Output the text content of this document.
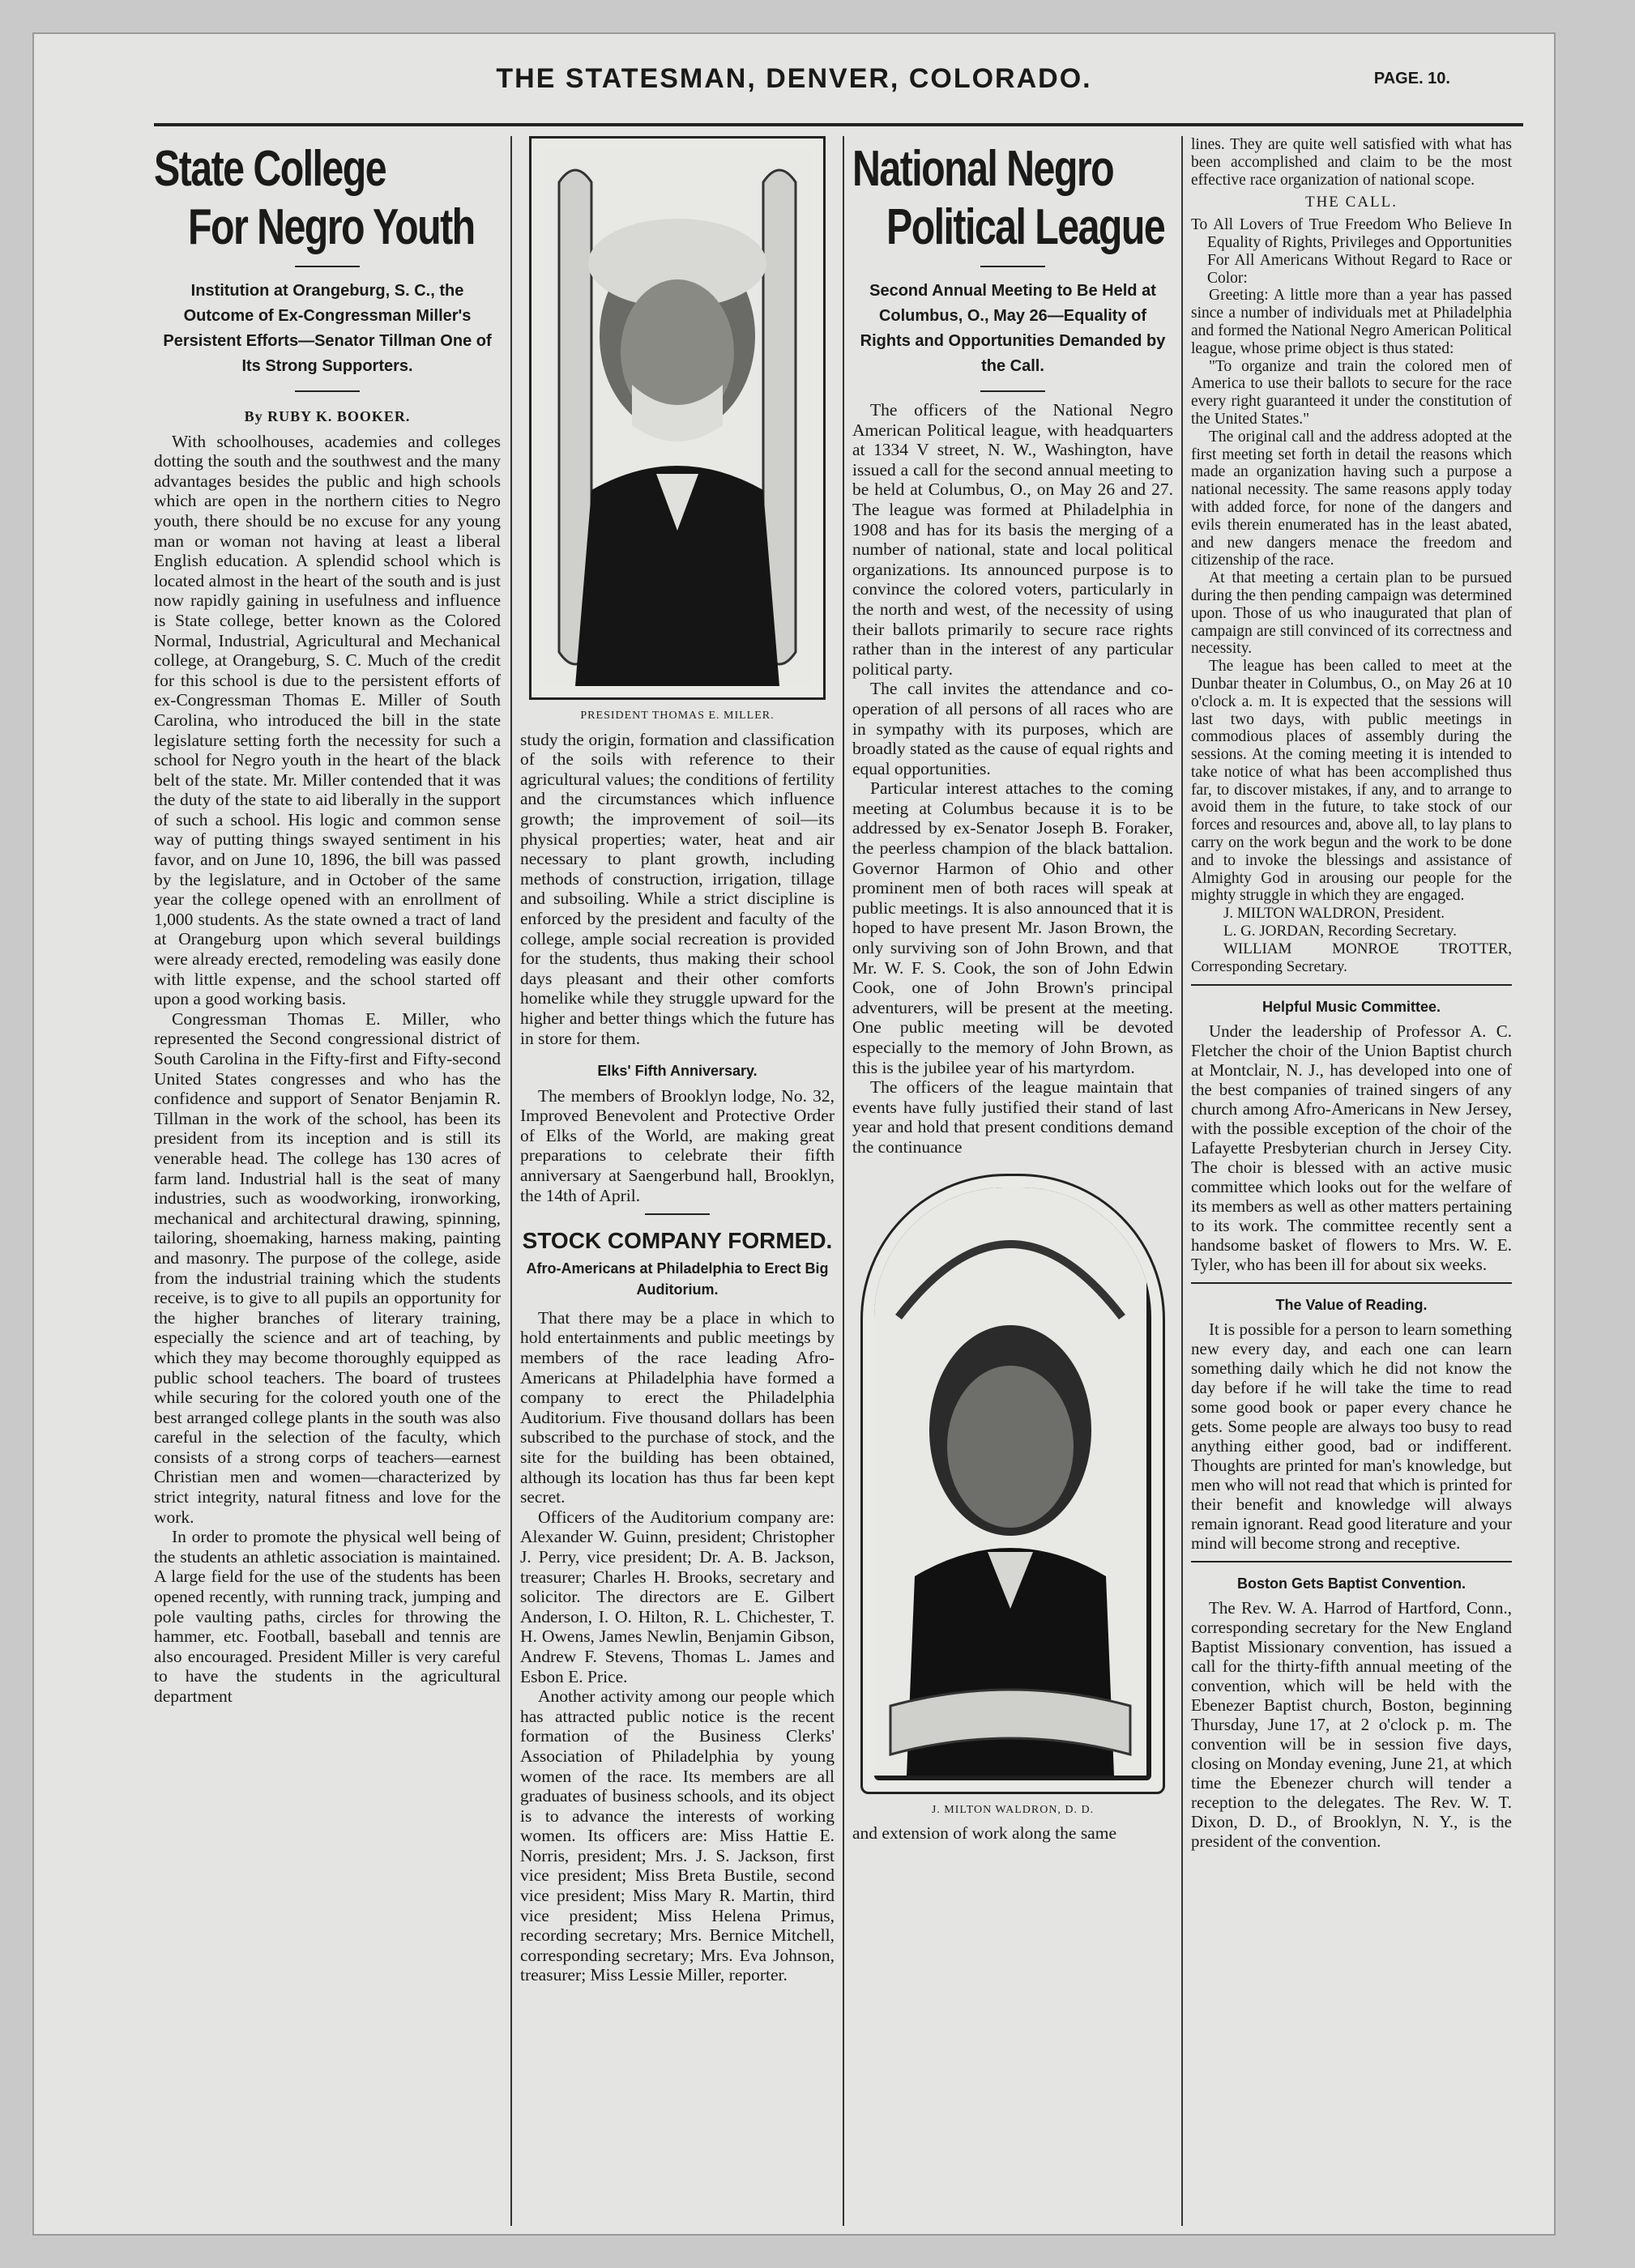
THE STATESMAN, DENVER, COLORADO.	PAGE. 10.
State College
For Negro Youth
Institution at Orangeburg, S. C., the Outcome of Ex-Congressman Miller's Persistent Efforts—Senator Tillman One of Its Strong Supporters.
By RUBY K. BOOKER.

With schoolhouses, academies and colleges dotting the south and the southwest and the many advantages besides the public and high schools which are open in the northern cities to Negro youth, there should be no excuse for any young man or woman not having at least a liberal English education. A splendid school which is located almost in the heart of the south and is just now rapidly gaining in usefulness and influence is State college, better known as the Colored Normal, Industrial, Agricultural and Mechanical college, at Orangeburg, S. C. Much of the credit for this school is due to the persistent efforts of ex-Congressman Thomas E. Miller of South Carolina, who introduced the bill in the state legislature setting forth the necessity for such a school for Negro youth in the heart of the black belt of the state. Mr. Miller contended that it was the duty of the state to aid liberally in the support of such a school. His logic and common sense way of putting things swayed sentiment in his favor, and on June 10, 1896, the bill was passed by the legislature, and in October of the same year the college opened with an enrollment of 1,000 students. As the state owned a tract of land at Orangeburg upon which several buildings were already erected, remodeling was easily done with little expense, and the school started off upon a good working basis.

Congressman Thomas E. Miller, who represented the Second congressional district of South Carolina in the Fifty-first and Fifty-second United States congresses and who has the confidence and support of Senator Benjamin R. Tillman in the work of the school, has been its president from its inception and is still its venerable head. The college has 130 acres of farm land. Industrial hall is the seat of many industries, such as woodworking, ironworking, mechanical and architectural drawing, spinning, tailoring, shoemaking, harness making, painting and masonry. The purpose of the college, aside from the industrial training which the students receive, is to give to all pupils an opportunity for the higher branches of literary training, especially the science and art of teaching, by which they may become thoroughly equipped as public school teachers. The board of trustees while securing for the colored youth one of the best arranged college plants in the south was also careful in the selection of the faculty, which consists of a strong corps of teachers—earnest Christian men and women—characterized by strict integrity, natural fitness and love for the work.

In order to promote the physical well being of the students an athletic association is maintained. A large field for the use of the students has been opened recently, with running track, jumping and pole vaulting paths, circles for throwing the hammer, etc. Football, baseball and tennis are also encouraged. President Miller is very careful to have the students in the agricultural department

PRESIDENT THOMAS E. MILLER.
study the origin, formation and classification of the soils with reference to their agricultural values; the conditions of fertility and the circumstances which influence growth; the improvement of soil—its physical properties; water, heat and air necessary to plant growth, including methods of construction, irrigation, tillage and subsoiling. While a strict discipline is enforced by the president and faculty of the college, ample social recreation is provided for the students, thus making their school days pleasant and their other comforts homelike while they struggle upward for the higher and better things which the future has in store for them.
Elks' Fifth Anniversary.

The members of Brooklyn lodge, No. 32, Improved Benevolent and Protective Order of Elks of the World, are making great preparations to celebrate their fifth anniversary at Saengerbund hall, Brooklyn, the 14th of April.

STOCK COMPANY FORMED.
Afro-Americans at Philadelphia to Erect Big Auditorium.

That there may be a place in which to hold entertainments and public meetings by members of the race leading Afro-Americans at Philadelphia have formed a company to erect the Philadelphia Auditorium. Five thousand dollars has been subscribed to the purchase of stock, and the site for the building has been obtained, although its location has thus far been kept secret.

Officers of the Auditorium company are: Alexander W. Guinn, president; Christopher J. Perry, vice president; Dr. A. B. Jackson, treasurer; Charles H. Brooks, secretary and solicitor. The directors are E. Gilbert Anderson, I. O. Hilton, R. L. Chichester, T. H. Owens, James Newlin, Benjamin Gibson, Andrew F. Stevens, Thomas L. James and Esbon E. Price.

Another activity among our people which has attracted public notice is the recent formation of the Business Clerks' Association of Philadelphia by young women of the race. Its members are all graduates of business schools, and its object is to advance the interests of working women. Its officers are: Miss Hattie E. Norris, president; Mrs. J. S. Jackson, first vice president; Miss Breta Bustile, second vice president; Miss Mary R. Martin, third vice president; Miss Helena Primus, recording secretary; Mrs. Bernice Mitchell, corresponding secretary; Mrs. Eva Johnson, treasurer; Miss Lessie Miller, reporter.

National Negro
Political League
Second Annual Meeting to Be Held at Columbus, O., May 26—Equality of Rights and Opportunities Demanded by the Call.

The officers of the National Negro American Political league, with headquarters at 1334 V street, N. W., Washington, have issued a call for the second annual meeting to be held at Columbus, O., on May 26 and 27. The league was formed at Philadelphia in 1908 and has for its basis the merging of a number of national, state and local political organizations. Its announced purpose is to convince the colored voters, particularly in the north and west, of the necessity of using their ballots primarily to secure race rights rather than in the interest of any particular political party.

The call invites the attendance and co-operation of all persons of all races who are in sympathy with its purposes, which are broadly stated as the cause of equal rights and equal opportunities.

Particular interest attaches to the coming meeting at Columbus because it is to be addressed by ex-Senator Joseph B. Foraker, the peerless champion of the black battalion. Governor Harmon of Ohio and other prominent men of both races will speak at public meetings. It is also announced that it is hoped to have present Mr. Jason Brown, the only surviving son of John Brown, and that Mr. W. F. S. Cook, the son of John Edwin Cook, one of John Brown's principal adventurers, will be present at the meeting. One public meeting will be devoted especially to the memory of John Brown, as this is the jubilee year of his martyrdom.

The officers of the league maintain that events have fully justified their stand of last year and hold that present conditions demand the continuance

J. MILTON WALDRON, D. D.
and extension of work along the same
lines. They are quite well satisfied with what has been accomplished and claim to be the most effective race organization of national scope.
THE CALL.
To All Lovers of True Freedom Who Believe In Equality of Rights, Privileges and Opportunities For All Americans Without Regard to Race or Color:

Greeting: A little more than a year has passed since a number of individuals met at Philadelphia and formed the National Negro American Political league, whose prime object is thus stated:

"To organize and train the colored men of America to use their ballots to secure for the race every right guaranteed it under the constitution of the United States."

The original call and the address adopted at the first meeting set forth in detail the reasons which made an organization having such a purpose a national necessity. The same reasons apply today with added force, for none of the dangers and evils therein enumerated has in the least abated, and new dangers menace the freedom and citizenship of the race.

At that meeting a certain plan to be pursued during the then pending campaign was determined upon. Those of us who inaugurated that plan of campaign are still convinced of its correctness and necessity.

The league has been called to meet at the Dunbar theater in Columbus, O., on May 26 at 10 o'clock a. m. It is expected that the sessions will last two days, with public meetings in commodious places of assembly during the sessions. At the coming meeting it is intended to take notice of what has been accomplished thus far, to discover mistakes, if any, and to arrange to avoid them in the future, to take stock of our forces and resources and, above all, to lay plans to carry on the work begun and the work to be done and to invoke the blessings and assistance of Almighty God in arousing our people for the mighty struggle in which they are engaged.

J. MILTON WALDRON, President.
L. G. JORDAN, Recording Secretary.
WILLIAM MONROE TROTTER, Corresponding Secretary.
Helpful Music Committee.

Under the leadership of Professor A. C. Fletcher the choir of the Union Baptist church at Montclair, N. J., has developed into one of the best companies of trained singers of any church among Afro-Americans in New Jersey, with the possible exception of the choir of the Lafayette Presbyterian church in Jersey City. The choir is blessed with an active music committee which looks out for the welfare of its members as well as other matters pertaining to its work. The committee recently sent a handsome basket of flowers to Mrs. W. E. Tyler, who has been ill for about six weeks.

The Value of Reading.

It is possible for a person to learn something new every day, and each one can learn something daily which he did not know the day before if he will take the time to read some good book or paper every chance he gets. Some people are always too busy to read anything either good, bad or indifferent. Thoughts are printed for man's knowledge, but men who will not read that which is printed for their benefit and knowledge will always remain ignorant. Read good literature and your mind will become strong and receptive.

Boston Gets Baptist Convention.

The Rev. W. A. Harrod of Hartford, Conn., corresponding secretary for the New England Baptist Missionary convention, has issued a call for the thirty-fifth annual meeting of the convention, which will be held with the Ebenezer Baptist church, Boston, beginning Thursday, June 17, at 2 o'clock p. m. The convention will be in session five days, closing on Monday evening, June 21, at which time the Ebenezer church will tender a reception to the delegates. The Rev. W. T. Dixon, D. D., of Brooklyn, N. Y., is the president of the convention.
